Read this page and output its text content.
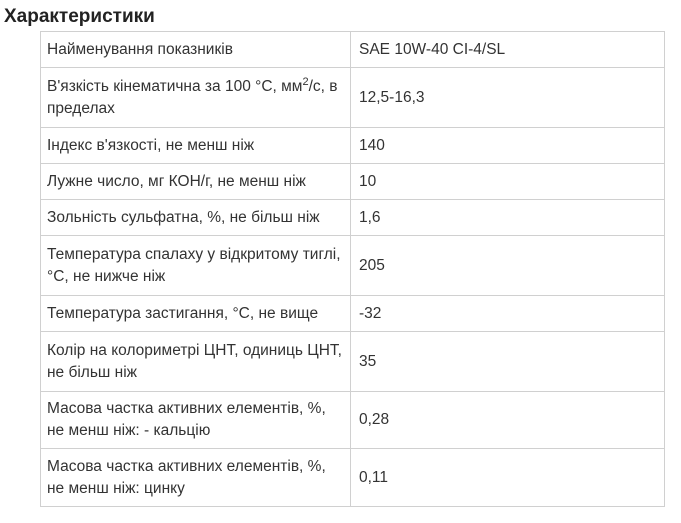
Характеристики
Найменування показників	SAE 10W-40 CI-4/SL
В'язкість кінематична за 100 °C, $мм^2/с$, в пределах	12,5-16,3
Індекс в'язкості, не менш ніж	140
Лужне число, мг КОН/г, не менш ніж	10
Зольність сульфатна, %, не більш ніж	1,6
Температура спалаху у відкритому тиглі, °C, не нижче ніж	205
Температура застигання, °C, не вище	-32
Колір на колориметрі ЦНТ, одиниць ЦНТ, не більш ніж	35
Масова частка активних елементів, %, не менш ніж: - кальцію	0,28
Масова частка активних елементів, %, не менш ніж: цинку	0,11
